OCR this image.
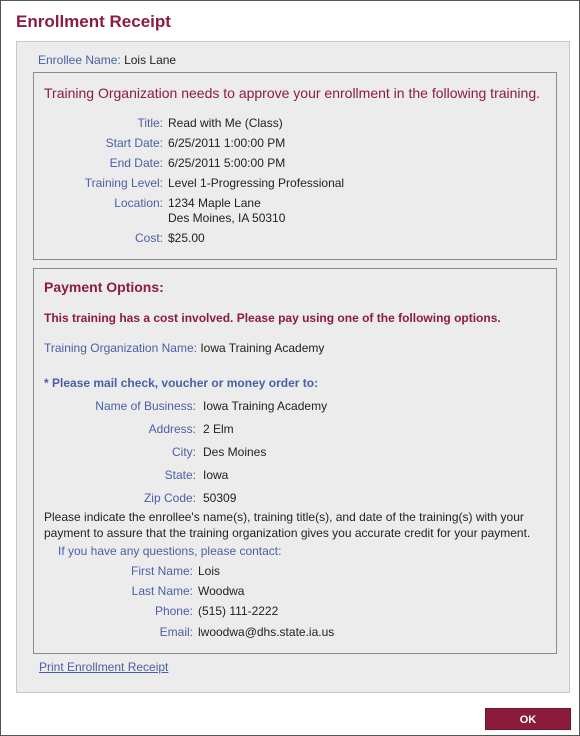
Enrollment Receipt
Enrollee Name: Lois Lane
Training Organization needs to approve your enrollment in the following training.
Title: Read with Me (Class)
Start Date: 6/25/2011 1:00:00 PM
End Date: 6/25/2011 5:00:00 PM
Training Level: Level 1-Progressing Professional
Location: 1234 Maple Lane
Des Moines, IA 50310
Cost: $25.00
Payment Options:
This training has a cost involved. Please pay using one of the following options.
Training Organization Name: Iowa Training Academy
* Please mail check, voucher or money order to:
Name of Business: Iowa Training Academy
Address: 2 Elm
City: Des Moines
State: Iowa
Zip Code: 50309
Please indicate the enrollee's name(s), training title(s), and date of the training(s) with your payment to assure that the training organization gives you accurate credit for your payment.
If you have any questions, please contact:
First Name: Lois
Last Name: Woodwa
Phone: (515) 111-2222
Email: lwoodwa@dhs.state.ia.us
Print Enrollment Receipt
OK
